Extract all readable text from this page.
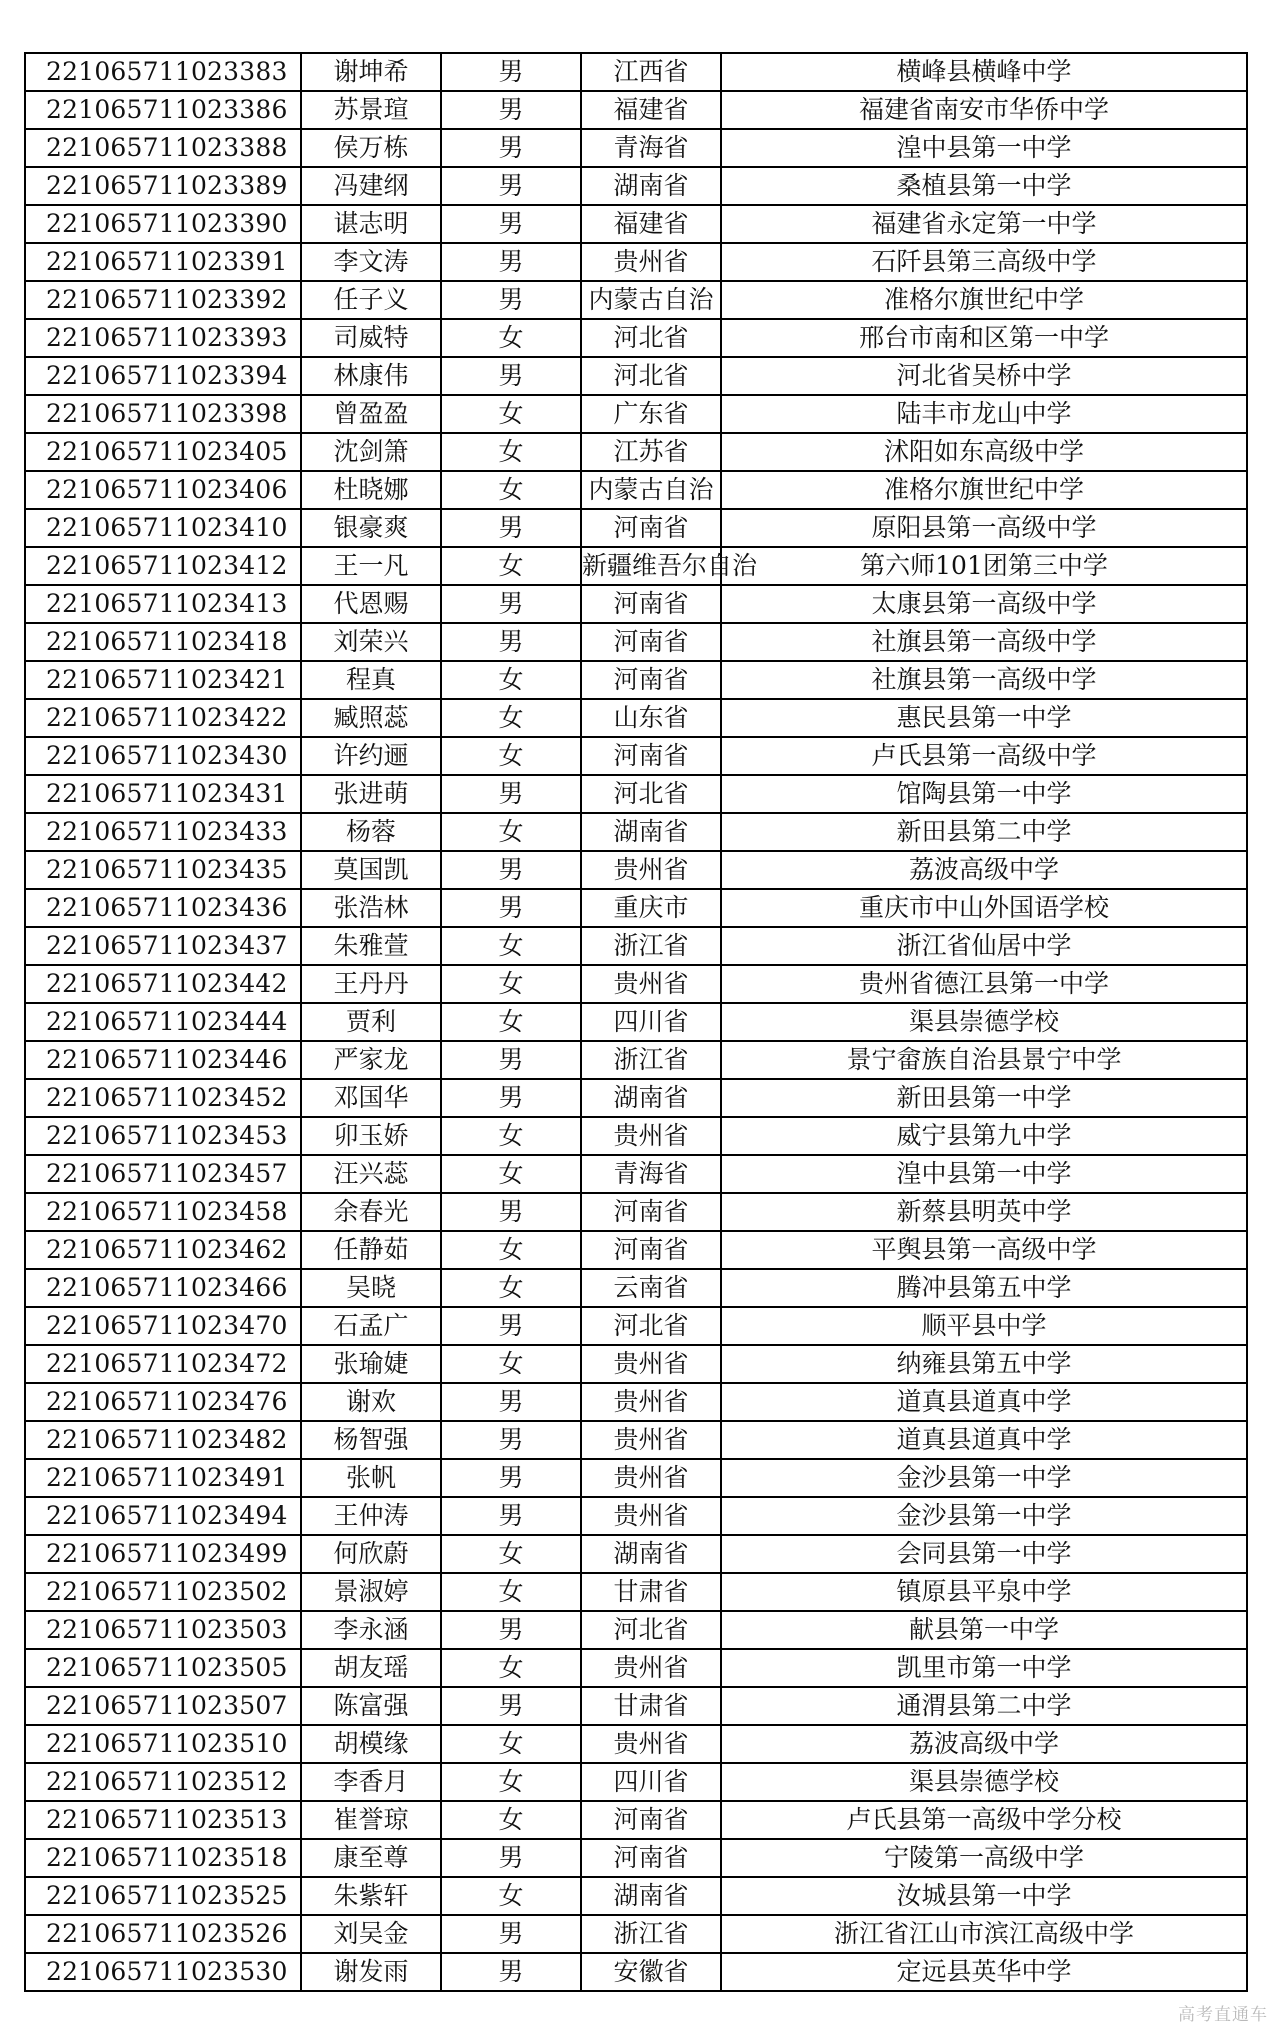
221065711023383	谢坤希	男	江西省	横峰县横峰中学
221065711023386	苏景瑄	男	福建省	福建省南安市华侨中学
221065711023388	侯万栋	男	青海省	湟中县第一中学
221065711023389	冯建纲	男	湖南省	桑植县第一中学
221065711023390	谌志明	男	福建省	福建省永定第一中学
221065711023391	李文涛	男	贵州省	石阡县第三高级中学
221065711023392	任子义	男	内蒙古自治	准格尔旗世纪中学
221065711023393	司威特	女	河北省	邢台市南和区第一中学
221065711023394	林康伟	男	河北省	河北省吴桥中学
221065711023398	曾盈盈	女	广东省	陆丰市龙山中学
221065711023405	沈剑箫	女	江苏省	沭阳如东高级中学
221065711023406	杜晓娜	女	内蒙古自治	准格尔旗世纪中学
221065711023410	银豪爽	男	河南省	原阳县第一高级中学
221065711023412	王一凡	女	新疆维吾尔自治	第六师101团第三中学
221065711023413	代恩赐	男	河南省	太康县第一高级中学
221065711023418	刘荣兴	男	河南省	社旗县第一高级中学
221065711023421	程真	女	河南省	社旗县第一高级中学
221065711023422	臧照蕊	女	山东省	惠民县第一中学
221065711023430	许约逦	女	河南省	卢氏县第一高级中学
221065711023431	张进萌	男	河北省	馆陶县第一中学
221065711023433	杨蓉	女	湖南省	新田县第二中学
221065711023435	莫国凯	男	贵州省	荔波高级中学
221065711023436	张浩林	男	重庆市	重庆市中山外国语学校
221065711023437	朱雅萱	女	浙江省	浙江省仙居中学
221065711023442	王丹丹	女	贵州省	贵州省德江县第一中学
221065711023444	贾利	女	四川省	渠县崇德学校
221065711023446	严家龙	男	浙江省	景宁畲族自治县景宁中学
221065711023452	邓国华	男	湖南省	新田县第一中学
221065711023453	卯玉娇	女	贵州省	威宁县第九中学
221065711023457	汪兴蕊	女	青海省	湟中县第一中学
221065711023458	余春光	男	河南省	新蔡县明英中学
221065711023462	任静茹	女	河南省	平舆县第一高级中学
221065711023466	吴晓	女	云南省	腾冲县第五中学
221065711023470	石孟广	男	河北省	顺平县中学
221065711023472	张瑜婕	女	贵州省	纳雍县第五中学
221065711023476	谢欢	男	贵州省	道真县道真中学
221065711023482	杨智强	男	贵州省	道真县道真中学
221065711023491	张帆	男	贵州省	金沙县第一中学
221065711023494	王仲涛	男	贵州省	金沙县第一中学
221065711023499	何欣蔚	女	湖南省	会同县第一中学
221065711023502	景淑婷	女	甘肃省	镇原县平泉中学
221065711023503	李永涵	男	河北省	献县第一中学
221065711023505	胡友瑶	女	贵州省	凯里市第一中学
221065711023507	陈富强	男	甘肃省	通渭县第二中学
221065711023510	胡模缘	女	贵州省	荔波高级中学
221065711023512	李香月	女	四川省	渠县崇德学校
221065711023513	崔誉琼	女	河南省	卢氏县第一高级中学分校
221065711023518	康至尊	男	河南省	宁陵第一高级中学
221065711023525	朱紫轩	女	湖南省	汝城县第一中学
221065711023526	刘吴金	男	浙江省	浙江省江山市滨江高级中学
221065711023530	谢发雨	男	安徽省	定远县英华中学
高考直通车
